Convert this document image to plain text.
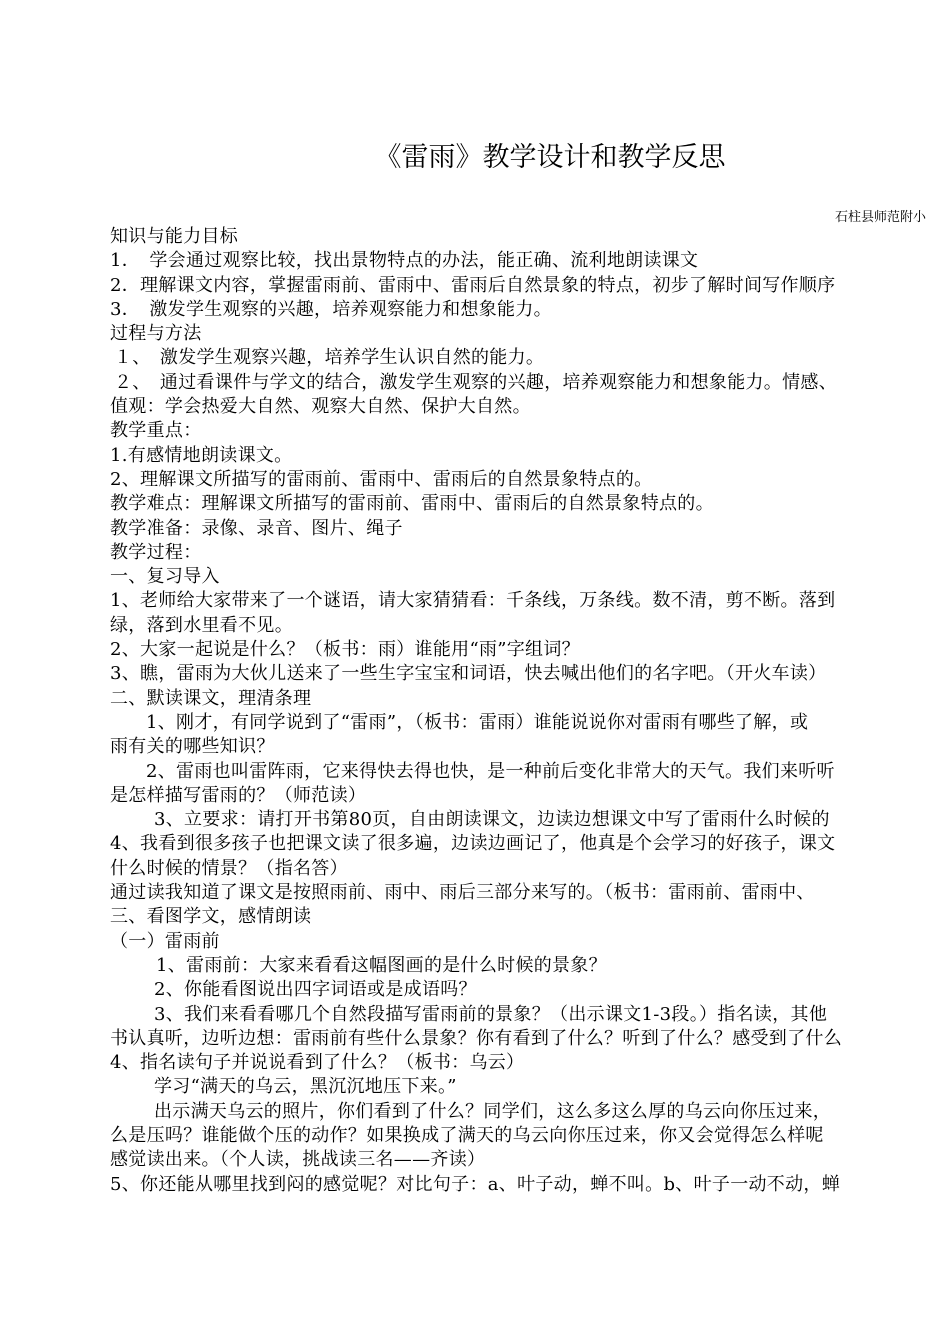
《雷雨》教学设计和教学反思
石柱县师范附小
知识与能力目标
1．　学会通过观察比较，找出景物特点的办法，能正确、流利地朗读课文
2．理解课文内容，掌握雷雨前、雷雨中、雷雨后自然景象的特点，初步了解时间写作顺序
3．　激发学生观察的兴趣，培养观察能力和想象能力。
过程与方法
１、　激发学生观察兴趣，培养学生认识自然的能力。
２、　通过看课件与学文的结合，激发学生观察的兴趣，培养观察能力和想象能力。情感、
值观：学会热爱大自然、观察大自然、保护大自然。
教学重点：
1.有感情地朗读课文。
2、理解课文所描写的雷雨前、雷雨中、雷雨后的自然景象特点的。
教学难点：理解课文所描写的雷雨前、雷雨中、雷雨后的自然景象特点的。
教学准备：录像、录音、图片、绳子
教学过程：
一、复习导入
1、老师给大家带来了一个谜语，请大家猜猜看：千条线，万条线。数不清，剪不断。落到
绿，落到水里看不见。
2、大家一起说是什么？（板书：雨）谁能用“雨”字组词？
3、瞧，雷雨为大伙儿送来了一些生字宝宝和词语，快去喊出他们的名字吧。（开火车读）
二、默读课文，理清条理
1、刚才，有同学说到了“雷雨”，（板书：雷雨）谁能说说你对雷雨有哪些了解，或
雨有关的哪些知识？
2、雷雨也叫雷阵雨，它来得快去得也快，是一种前后变化非常大的天气。我们来听听
是怎样描写雷雨的？（师范读）
3、立要求：请打开书第80页，自由朗读课文，边读边想课文中写了雷雨什么时候的
4、我看到很多孩子也把课文读了很多遍，边读边画记了，他真是个会学习的好孩子，课文
什么时候的情景？（指名答）
通过读我知道了课文是按照雨前、雨中、雨后三部分来写的。（板书：雷雨前、雷雨中、
三、看图学文，感情朗读
（一）雷雨前
1、雷雨前：大家来看看这幅图画的是什么时候的景象？
2、你能看图说出四字词语或是成语吗？
3、我们来看看哪几个自然段描写雷雨前的景象？（出示课文1-3段。）指名读，其他
书认真听，边听边想：雷雨前有些什么景象？你有看到了什么？听到了什么？感受到了什么
4、指名读句子并说说看到了什么？（板书：乌云）
学习“满天的乌云，黑沉沉地压下来。”
出示满天乌云的照片，你们看到了什么？同学们，这么多这么厚的乌云向你压过来，
么是压吗？谁能做个压的动作？如果换成了满天的乌云向你压过来，你又会觉得怎么样呢
感觉读出来。（个人读，挑战读三名——齐读）
5、你还能从哪里找到闷的感觉呢？对比句子：a、叶子动，蝉不叫。b、叶子一动不动，蝉
